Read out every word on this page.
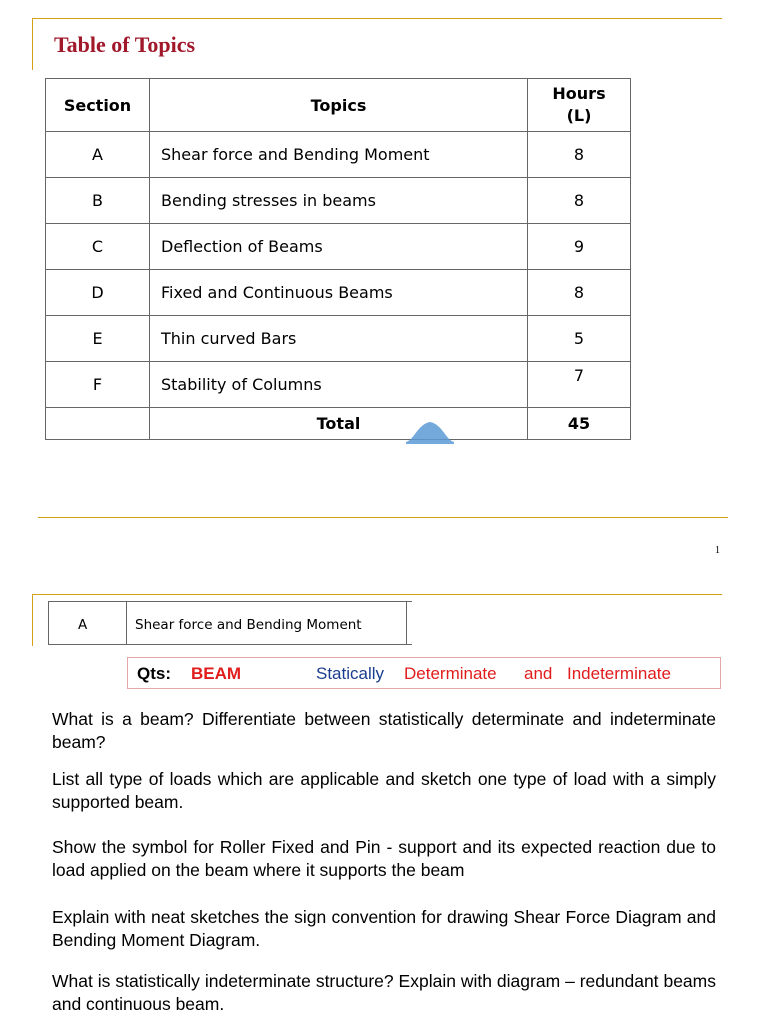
Table of Topics
Section	Topics	Hours
(L)

A	Shear force and Bending Moment	8
B	Bending stresses in beams	8
C	Deflection of Beams	9
D	Fixed and Continuous Beams	8
E	Thin curved Bars	5
F	Stability of Columns	7
	Total	45
1
A	Shear force and Bending Moment
Qts: BEAM	Statically Determinate and Indeterminate
What is a beam? Differentiate between statistically determinate and indeterminate beam?
List all type of loads which are applicable and sketch one type of load with a simply supported beam.
Show the symbol for Roller Fixed and Pin - support and its expected reaction due to load applied on the beam where it supports the beam
Explain with neat sketches the sign convention for drawing Shear Force Diagram and Bending Moment Diagram.
What is statistically indeterminate structure? Explain with diagram – redundant beams and continuous beam.
